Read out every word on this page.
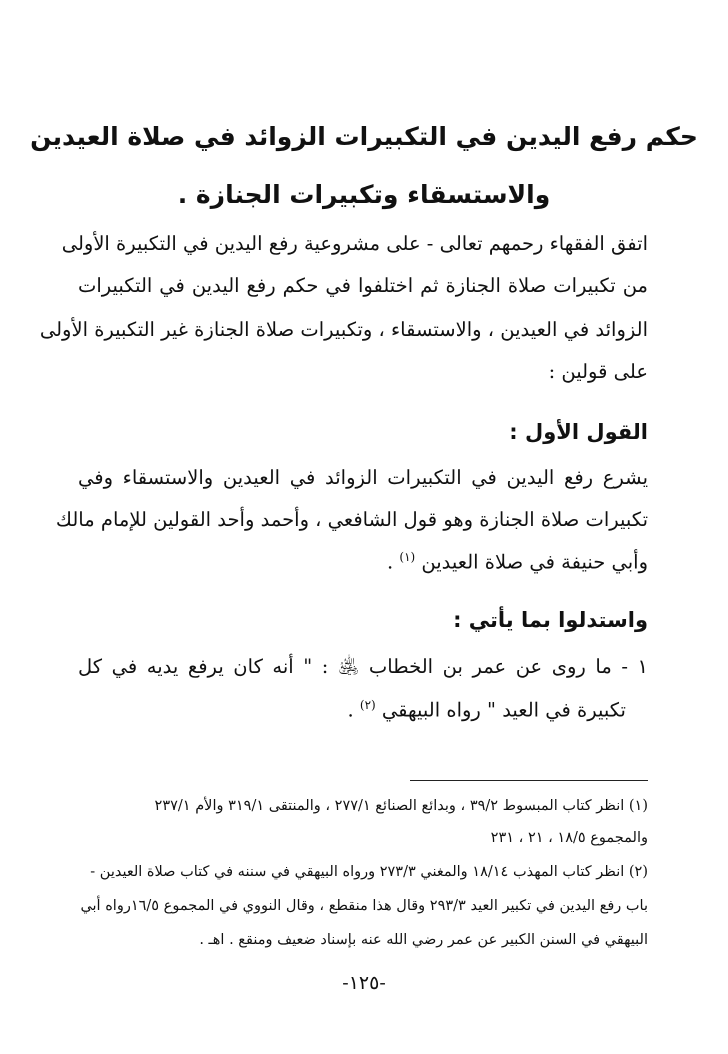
حكم رفع اليدين في التكبيرات الزوائد في صلاة العيدين
والاستسقاء وتكبيرات الجنازة .
اتفق الفقهاء رحمهم تعالى - على مشروعية رفع اليدين في التكبيرة الأولى
من تكبيرات صلاة الجنازة ثم اختلفوا في حكم رفع اليدين في التكبيرات
الزوائد في العيدين ، والاستسقاء ، وتكبيرات صلاة الجنازة غير التكبيرة الأولى
على قولين :
القول الأول :
يشرع رفع اليدين في التكبيرات الزوائد في العيدين والاستسقاء وفي
تكبيرات صلاة الجنازة وهو قول الشافعي ، وأحمد وأحد القولين للإمام مالك
وأبي حنيفة في صلاة العيدين $^{(١)}$ .
واستدلوا بما يأتي :
١ - ما روى عن عمر بن الخطاب ﵁ : " أنه كان يرفع يديه في كل
تكبيرة في العيد " رواه البيهقي $^{(٢)}$ .
(١) انظر كتاب المبسوط ٣٩/٢ ، وبدائع الصنائع ٢٧٧/١ ، والمنتقى ٣١٩/١ والأم ٢٣٧/١
والمجموع ١٨/٥ ، ٢١ ، ٢٣١
(٢) انظر كتاب المهذب ١٨/١٤ والمغني ٢٧٣/٣ ورواه البيهقي في سننه في كتاب صلاة العيدين -
باب رفع اليدين في تكبير العيد ٢٩٣/٣ وقال هذا منقطع ، وقال النووي في المجموع ١٦/٥رواه أبي
البيهقي في السنن الكبير عن عمر رضي الله عنه بإسناد ضعيف ومنقع . اهـ .
-١٢٥-
